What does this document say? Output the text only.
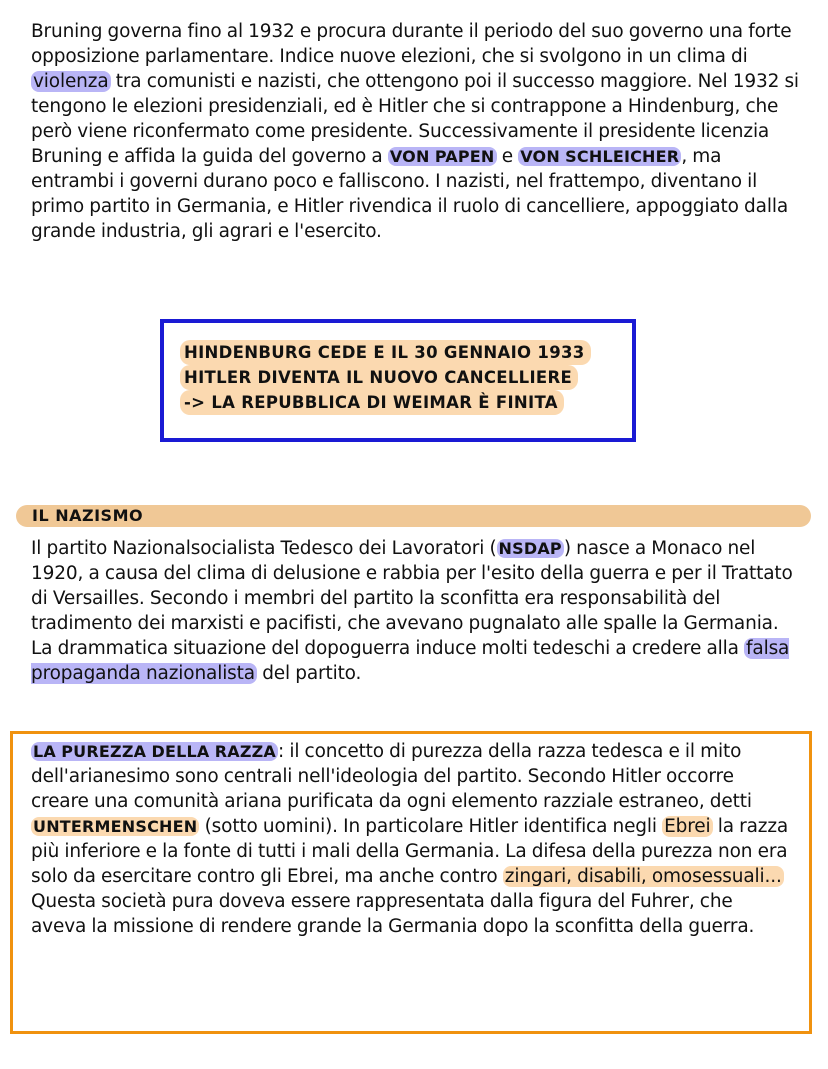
Bruning governa fino al 1932 e procura durante il periodo del suo governo una forte opposizione parlamentare. Indice nuove elezioni, che si svolgono in un clima di violenza tra comunisti e nazisti, che ottengono poi il successo maggiore. Nel 1932 si tengono le elezioni presidenziali, ed è Hitler che si contrappone a Hindenburg, che però viene riconfermato come presidente. Successivamente il presidente licenzia Bruning e affida la guida del governo a VON PAPEN e VON SCHLEICHER , ma entrambi i governi durano poco e falliscono. I nazisti, nel frattempo, diventano il primo partito in Germania, e Hitler rivendica il ruolo di cancelliere, appoggiato dalla grande industria, gli agrari e l'esercito.

HINDENBURG CEDE E IL 30 GENNAIO 1933
HITLER DIVENTA IL NUOVO CANCELLIERE
-> LA REPUBBLICA DI WEIMAR È FINITA
IL NAZISMO

Il partito Nazionalsocialista Tedesco dei Lavoratori ( NSDAP ) nasce a Monaco nel 1920, a causa del clima di delusione e rabbia per l'esito della guerra e per il Trattato di Versailles. Secondo i membri del partito la sconfitta era responsabilità del tradimento dei marxisti e pacifisti, che avevano pugnalato alle spalle la Germania. La drammatica situazione del dopoguerra induce molti tedeschi a credere alla falsa propaganda nazionalista del partito.

LA PUREZZA DELLA RAZZA : il concetto di purezza della razza tedesca e il mito dell'arianesimo sono centrali nell'ideologia del partito. Secondo Hitler occorre creare una comunità ariana purificata da ogni elemento razziale estraneo, detti UNTERMENSCHEN (sotto uomini). In particolare Hitler identifica negli Ebrei la razza più inferiore e la fonte di tutti i mali della Germania. La difesa della purezza non era solo da esercitare contro gli Ebrei, ma anche contro zingari, disabili, omosessuali... Questa società pura doveva essere rappresentata dalla figura del Fuhrer, che aveva la missione di rendere grande la Germania dopo la sconfitta della guerra.
